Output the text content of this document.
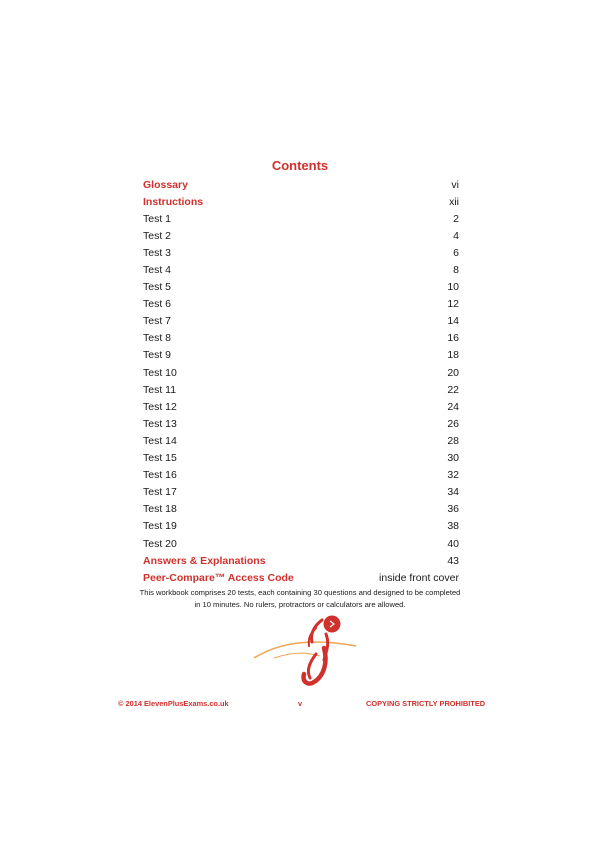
Contents
Glossary	vi
Instructions	xii
Test 1	2
Test 2	4
Test 3	6
Test 4	8
Test 5	10
Test 6	12
Test 7	14
Test 8	16
Test 9	18
Test 10	20
Test 11	22
Test 12	24
Test 13	26
Test 14	28
Test 15	30
Test 16	32
Test 17	34
Test 18	36
Test 19	38
Test 20	40
Answers & Explanations	43
Peer-Compare™ Access Code	inside front cover
This workbook comprises 20 tests, each containing 30 questions and designed to be completed
in 10 minutes. No rulers, protractors or calculators are allowed.
© 2014 ElevenPlusExams.co.uk	v	COPYING STRICTLY PROHIBITED
